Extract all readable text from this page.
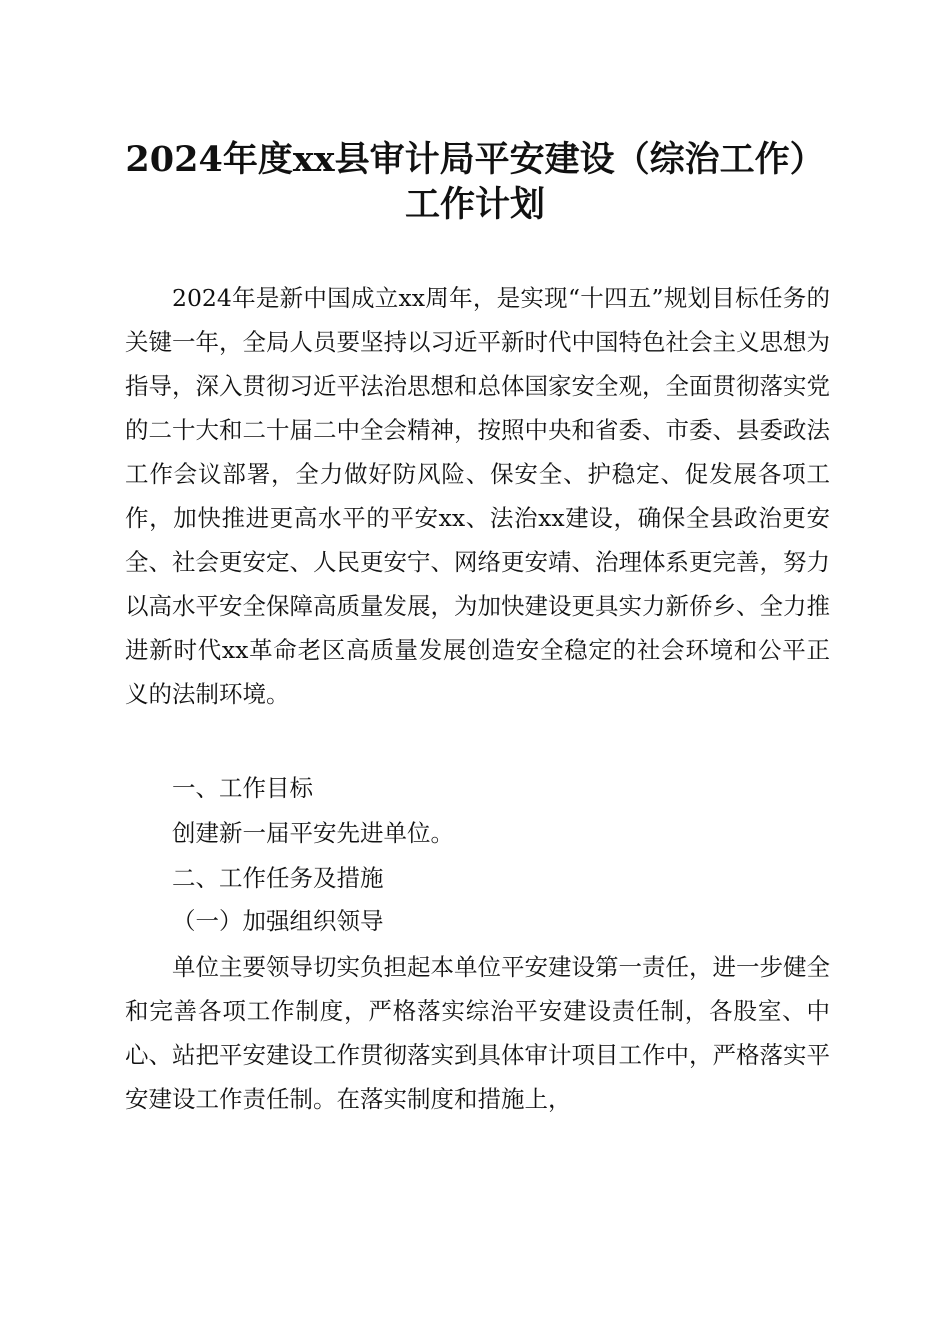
2024年度xx县审计局平安建设（综治工作）
工作计划

2024年是新中国成立xx周年，是实现“十四五”规划目标任务的关键一年，全局人员要坚持以习近平新时代中国特色社会主义思想为指导，深入贯彻习近平法治思想和总体国家安全观，全面贯彻落实党的二十大和二十届二中全会精神，按照中央和省委、市委、县委政法工作会议部署，全力做好防风险、保安全、护稳定、促发展各项工作，加快推进更高水平的平安xx、法治xx建设，确保全县政治更安全、社会更安定、人民更安宁、网络更安靖、治理体系更完善，努力以高水平安全保障高质量发展，为加快建设更具实力新侨乡、全力推进新时代xx革命老区高质量发展创造安全稳定的社会环境和公平正义的法制环境。

一、工作目标

创建新一届平安先进单位。

二、工作任务及措施

（一）加强组织领导

单位主要领导切实负担起本单位平安建设第一责任，进一步健全和完善各项工作制度，严格落实综治平安建设责任制，各股室、中心、站把平安建设工作贯彻落实到具体审计项目工作中，严格落实平安建设工作责任制。在落实制度和措施上，
